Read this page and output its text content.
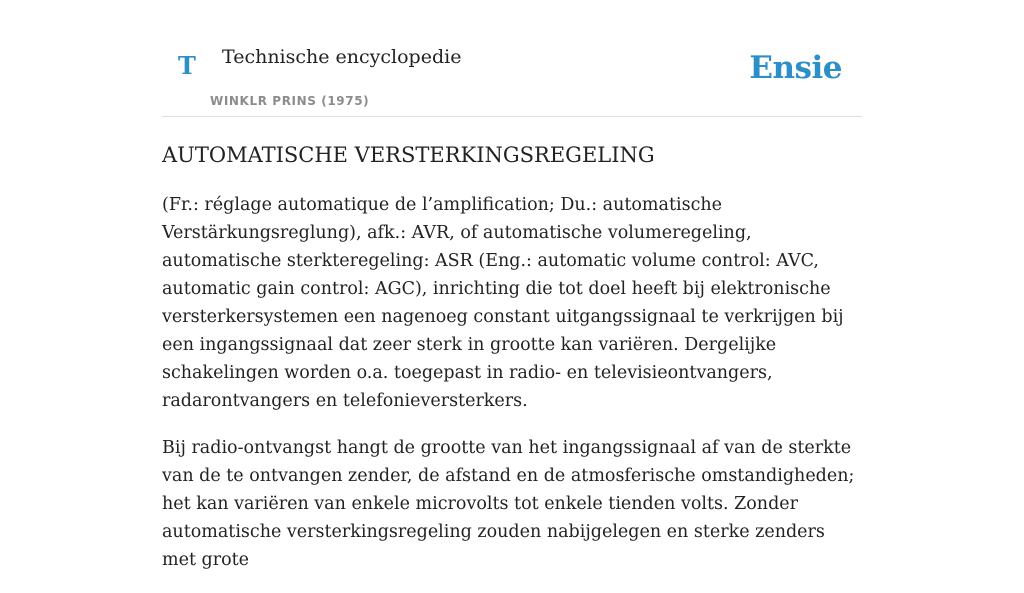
T Technische encyclopedie
WINKLR PRINS (1975)
Ensie
AUTOMATISCHE VERSTERKINGSREGELING

(Fr.: réglage automatique de l’amplification; Du.: automatische Verstärkungsreglung), afk.: AVR, of automatische volumeregeling, automatische sterkteregeling: ASR (Eng.: automatic volume control: AVC, automatic gain control: AGC), inrichting die tot doel heeft bij elektronische versterkersystemen een nagenoeg constant uitgangssignaal te verkrijgen bij een ingangssignaal dat zeer sterk in grootte kan variëren. Dergelijke schakelingen worden o.a. toegepast in radio- en televisieontvangers, radarontvangers en telefonieversterkers.

Bij radio-ontvangst hangt de grootte van het ingangssignaal af van de sterkte van de te ontvangen zender, de afstand en de atmosferische omstandigheden; het kan variëren van enkele microvolts tot enkele tienden volts. Zonder automatische versterkingsregeling zouden nabijgelegen en sterke zenders met grote
